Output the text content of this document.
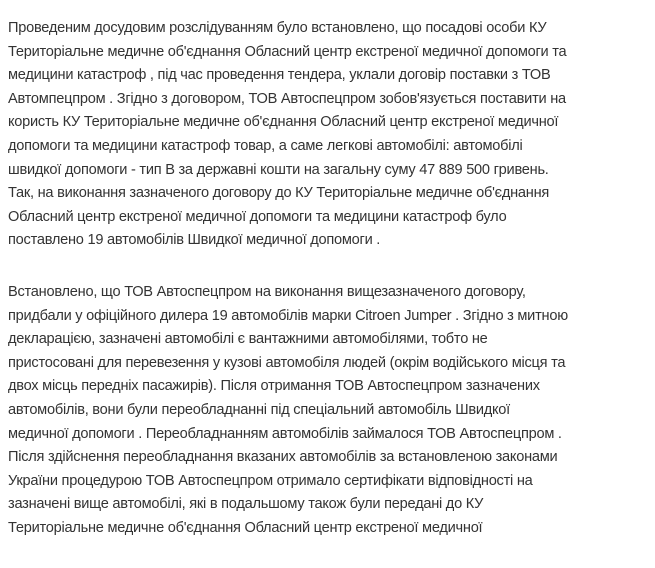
Проведеним досудовим розслідуванням було встановлено, що посадові особи КУ
Територіальне медичне об'єднання Обласний центр екстреної медичної допомоги та
медицини катастроф , під час проведення тендера, уклали договір поставки з ТОВ
Автомпецпром . Згідно з договором, ТОВ Автоспецпром зобов'язується поставити на
користь КУ Територіальне медичне об'єднання Обласний центр екстреної медичної
допомоги та медицини катастроф товар, а саме легкові автомобілі: автомобілі
швидкої допомоги - тип В за державні кошти на загальну суму 47 889 500 гривень.
Так, на виконання зазначеного договору до КУ Територіальне медичне об'єднання
Обласний центр екстреної медичної допомоги та медицини катастроф було
поставлено 19 автомобілів Швидкої медичної допомоги .

Встановлено, що ТОВ Автоспецпром на виконання вищезазначеного договору,
придбали у офіційного дилера 19 автомобілів марки Citroen Jumper . Згідно з митною
декларацією, зазначені автомобілі є вантажними автомобілями, тобто не
пристосовані для перевезення у кузові автомобіля людей (окрім водійського місця та
двох місць передніх пасажирів). Після отримання ТОВ Автоспецпром зазначених
автомобілів, вони були переобладнанні під спеціальний автомобіль Швидкої
медичної допомоги . Переобладнанням автомобілів займалося ТОВ Автоспецпром .
Після здійснення переобладнання вказаних автомобілів за встановленою законами
України процедурою ТОВ Автоспецпром отримало сертифікати відповідності на
зазначені вище автомобілі, які в подальшому також були передані до КУ
Територіальне медичне об'єднання Обласний центр екстреної медичної
